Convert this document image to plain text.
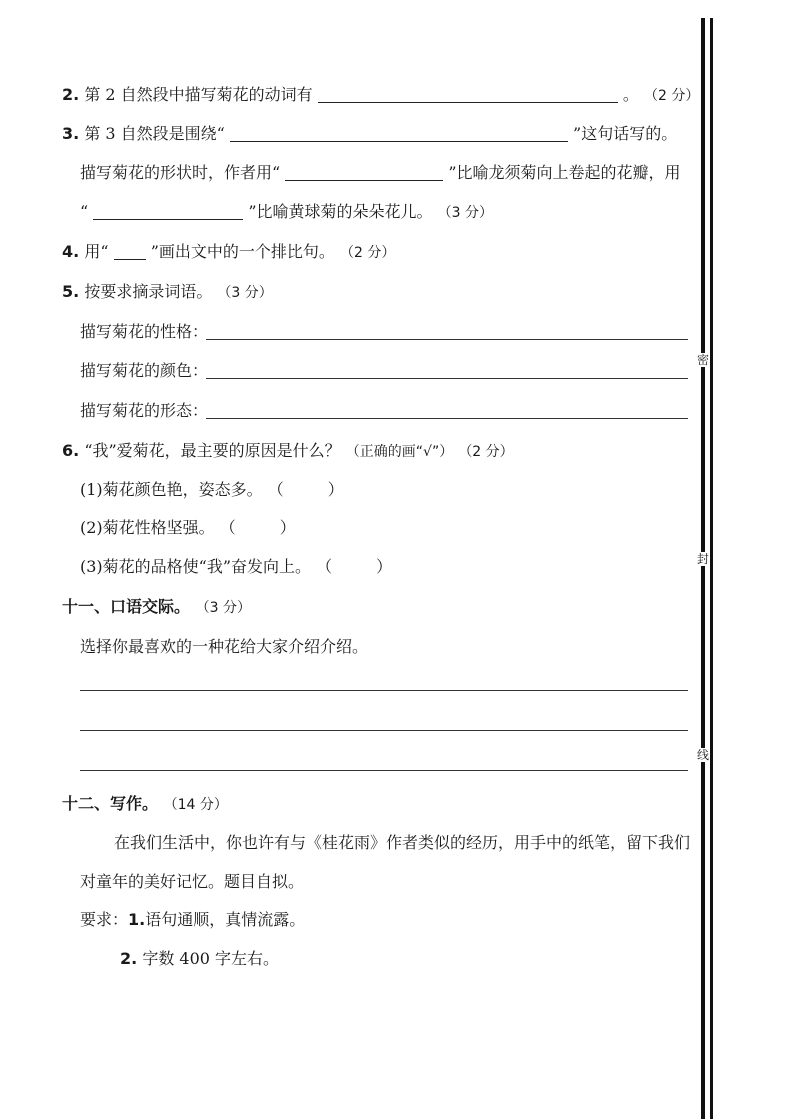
2. 第 2 自然段中描写菊花的动词有	。 （2 分）
3. 第 3 自然段是围绕“	”这句话写的。
描写菊花的形状时，作者用“	”比喻龙须菊向上卷起的花瓣，用
“	”比喻黄球菊的朵朵花儿。 （3 分）
4. 用“	”画出文中的一个排比句。 （2 分）
5. 按要求摘录词语。 （3 分）
描写菊花的性格：
描写菊花的颜色：
描写菊花的形态：
6. “我”爱菊花，最主要的原因是什么？ （正确的画“√”） （2 分）
(1)菊花颜色艳，姿态多。 （	）
(2)菊花性格坚强。 （	）
(3)菊花的品格使“我”奋发向上。 （	）
十一、口语交际。 （3 分）
选择你最喜欢的一种花给大家介绍介绍。
十二、写作。 （14 分）
在我们生活中，你也许有与《桂花雨》作者类似的经历，用手中的纸笔，留下我们
对童年的美好记忆。题目自拟。
要求：1.语句通顺，真情流露。
2. 字数 400 字左右。
密
封
线
